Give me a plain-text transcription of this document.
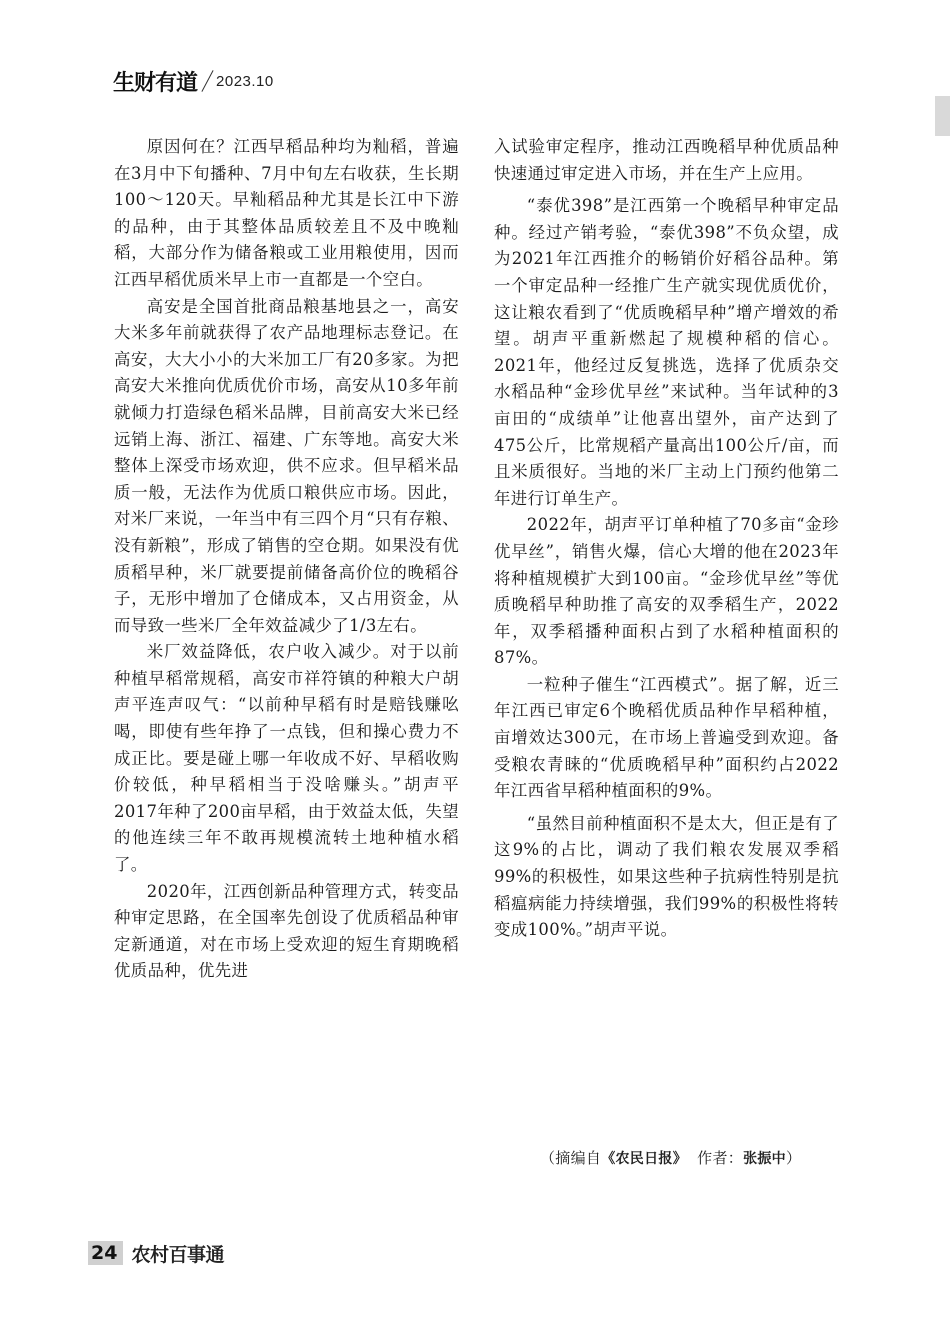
生财有道 2023.10

原因何在？江西早稻品种均为籼稻，普遍在3月中下旬播种、7月中旬左右收获，生长期100～120天。早籼稻品种尤其是长江中下游的品种，由于其整体品质较差且不及中晚籼稻，大部分作为储备粮或工业用粮使用，因而江西早稻优质米早上市一直都是一个空白。

高安是全国首批商品粮基地县之一，高安大米多年前就获得了农产品地理标志登记。在高安，大大小小的大米加工厂有20多家。为把高安大米推向优质优价市场，高安从10多年前就倾力打造绿色稻米品牌，目前高安大米已经远销上海、浙江、福建、广东等地。高安大米整体上深受市场欢迎，供不应求。但早稻米品质一般，无法作为优质口粮供应市场。因此，对米厂来说，一年当中有三四个月“只有存粮、没有新粮”，形成了销售的空仓期。如果没有优质稻早种，米厂就要提前储备高价位的晚稻谷子，无形中增加了仓储成本，又占用资金，从而导致一些米厂全年效益减少了1/3左右。

米厂效益降低，农户收入减少。对于以前种植早稻常规稻，高安市祥符镇的种粮大户胡声平连声叹气：“以前种早稻有时是赔钱赚吆喝，即使有些年挣了一点钱，但和操心费力不成正比。要是碰上哪一年收成不好、早稻收购价较低，种早稻相当于没啥赚头。”胡声平2017年种了200亩早稻，由于效益太低，失望的他连续三年不敢再规模流转土地种植水稻了。

2020年，江西创新品种管理方式，转变品种审定思路，在全国率先创设了优质稻品种审定新通道，对在市场上受欢迎的短生育期晚稻优质品种，优先进

入试验审定程序，推动江西晚稻早种优质品种快速通过审定进入市场，并在生产上应用。

“泰优398”是江西第一个晚稻早种审定品种。经过产销考验，“泰优398”不负众望，成为2021年江西推介的畅销价好稻谷品种。第一个审定品种一经推广生产就实现优质优价，这让粮农看到了“优质晚稻早种”增产增效的希望。胡声平重新燃起了规模种稻的信心。2021年，他经过反复挑选，选择了优质杂交水稻品种“金珍优早丝”来试种。当年试种的3亩田的“成绩单”让他喜出望外，亩产达到了475公斤，比常规稻产量高出100公斤/亩，而且米质很好。当地的米厂主动上门预约他第二年进行订单生产。

2022年，胡声平订单种植了70多亩“金珍优早丝”，销售火爆，信心大增的他在2023年将种植规模扩大到100亩。“金珍优早丝”等优质晚稻早种助推了高安的双季稻生产，2022年，双季稻播种面积占到了水稻种植面积的87%。

一粒种子催生“江西模式”。据了解，近三年江西已审定6个晚稻优质品种作早稻种植，亩增效达300元，在市场上普遍受到欢迎。备受粮农青睐的“优质晚稻早种”面积约占2022年江西省早稻种植面积的9%。

“虽然目前种植面积不是太大，但正是有了这9%的占比，调动了我们粮农发展双季稻99%的积极性，如果这些种子抗病性特别是抗稻瘟病能力持续增强，我们99%的积极性将转变成100%。”胡声平说。

（摘编自《农民日报》 作者：张振中）
24 农村百事通
